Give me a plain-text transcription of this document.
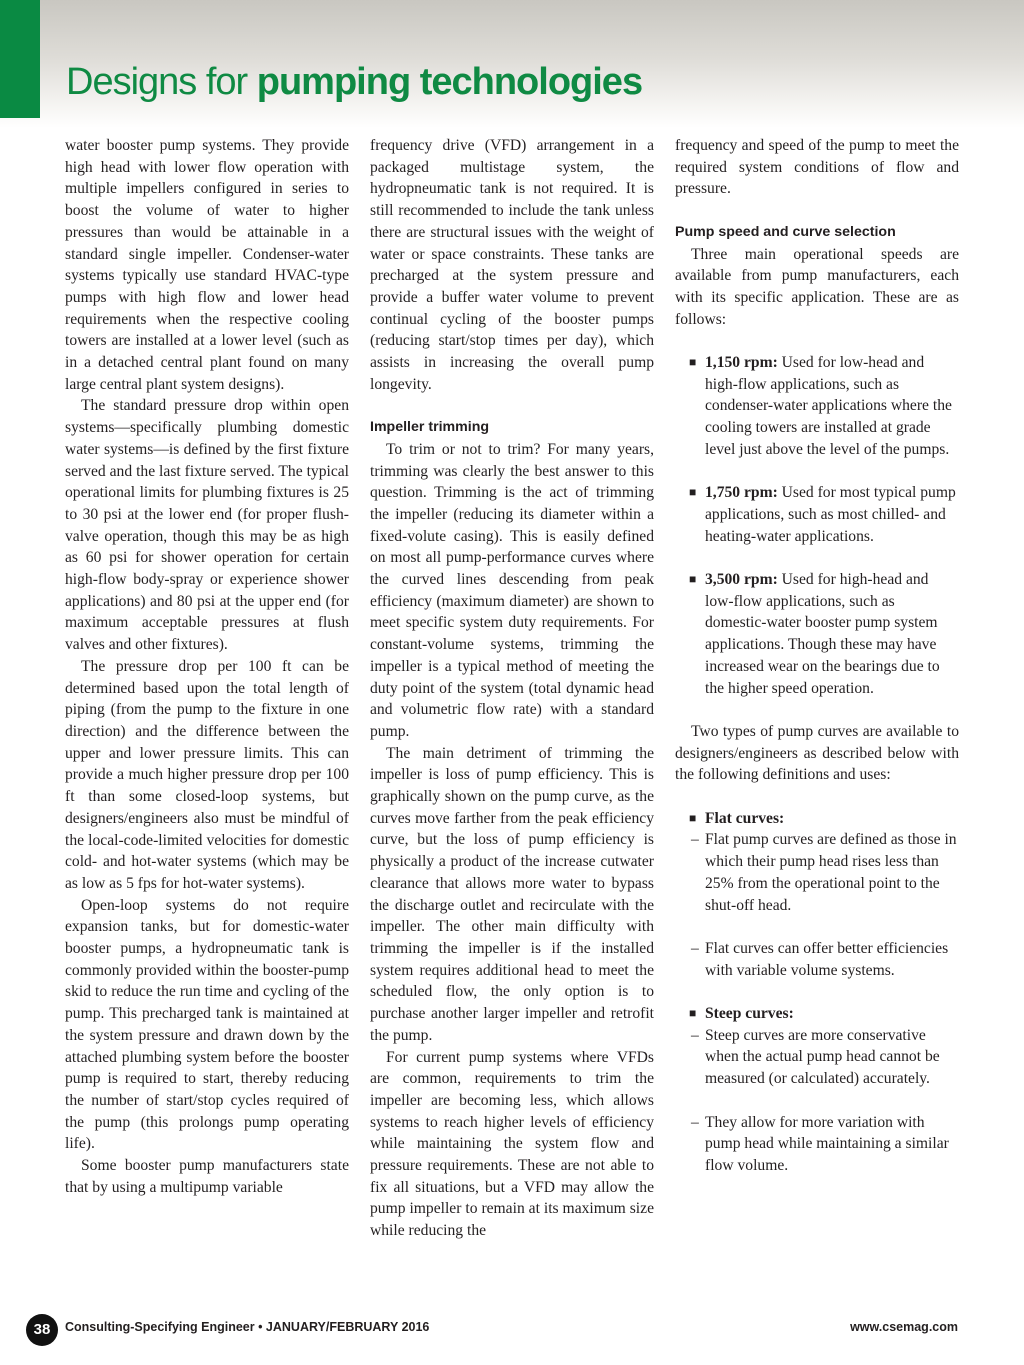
Designs for pumping technologies

water booster pump systems. They provide high head with lower flow operation with multiple impellers configured in series to boost the volume of water to higher pressures than would be attainable in a standard single impeller. Condenser-water systems typically use standard HVAC-type pumps with high flow and lower head requirements when the respective cooling towers are installed at a lower level (such as in a detached central plant found on many large central plant system designs).

The standard pressure drop within open systems—specifically plumbing domestic water systems—is defined by the first fixture served and the last fixture served. The typical operational limits for plumbing fixtures is 25 to 30 psi at the lower end (for proper flush-valve operation, though this may be as high as 60 psi for shower operation for certain high-flow body-spray or experience shower applications) and 80 psi at the upper end (for maximum acceptable pressures at flush valves and other fixtures).

The pressure drop per 100 ft can be determined based upon the total length of piping (from the pump to the fixture in one direction) and the difference between the upper and lower pressure limits. This can provide a much higher pressure drop per 100 ft than some closed-loop systems, but designers/engineers also must be mindful of the local-code-limited velocities for domestic cold- and hot-water systems (which may be as low as 5 fps for hot-water systems).

Open-loop systems do not require expansion tanks, but for domestic-water booster pumps, a hydropneumatic tank is commonly provided within the booster-pump skid to reduce the run time and cycling of the pump. This precharged tank is maintained at the system pressure and drawn down by the attached plumbing system before the booster pump is required to start, thereby reducing the number of start/stop cycles required of the pump (this prolongs pump operating life).

Some booster pump manufacturers state that by using a multipump variable

frequency drive (VFD) arrangement in a packaged multistage system, the hydropneumatic tank is not required. It is still recommended to include the tank unless there are structural issues with the weight of water or space constraints. These tanks are precharged at the system pressure and provide a buffer water volume to prevent continual cycling of the booster pumps (reducing start/stop times per day), which assists in increasing the overall pump longevity.

Impeller trimming

To trim or not to trim? For many years, trimming was clearly the best answer to this question. Trimming is the act of trimming the impeller (reducing its diameter within a fixed-volute casing). This is easily defined on most all pump-performance curves where the curved lines descending from peak efficiency (maximum diameter) are shown to meet specific system duty requirements. For constant-volume systems, trimming the impeller is a typical method of meeting the duty point of the system (total dynamic head and volumetric flow rate) with a standard pump.

The main detriment of trimming the impeller is loss of pump efficiency. This is graphically shown on the pump curve, as the curves move farther from the peak efficiency curve, but the loss of pump efficiency is physically a product of the increase cutwater clearance that allows more water to bypass the discharge outlet and recirculate with the impeller. The other main difficulty with trimming the impeller is if the installed system requires additional head to meet the scheduled flow, the only option is to purchase another larger impeller and retrofit the pump.

For current pump systems where VFDs are common, requirements to trim the impeller are becoming less, which allows systems to reach higher levels of efficiency while maintaining the system flow and pressure requirements. These are not able to fix all situations, but a VFD may allow the pump impeller to remain at its maximum size while reducing the

frequency and speed of the pump to meet the required system conditions of flow and pressure.

Pump speed and curve selection

Three main operational speeds are available from pump manufacturers, each with its specific application. These are as follows:

■ 1,150 rpm: Used for low-head and high-flow applications, such as condenser-water applications where the cooling towers are installed at grade level just above the level of the pumps.
■ 1,750 rpm: Used for most typical pump applications, such as most chilled- and heating-water applications.
■ 3,500 rpm: Used for high-head and low-flow applications, such as domestic-water booster pump system applications. Though these may have increased wear on the bearings due to the higher speed operation.

Two types of pump curves are available to designers/engineers as described below with the following definitions and uses:

■ Flat curves:
– Flat pump curves are defined as those in which their pump head rises less than 25% from the operational point to the shut-off head.
– Flat curves can offer better efficiencies with variable volume systems.
■ Steep curves:
– Steep curves are more conservative when the actual pump head cannot be measured (or calculated) accurately.
– They allow for more variation with pump head while maintaining a similar flow volume.
38	Consulting-Specifying Engineer • JANUARY/FEBRUARY 2016	www.csemag.com
